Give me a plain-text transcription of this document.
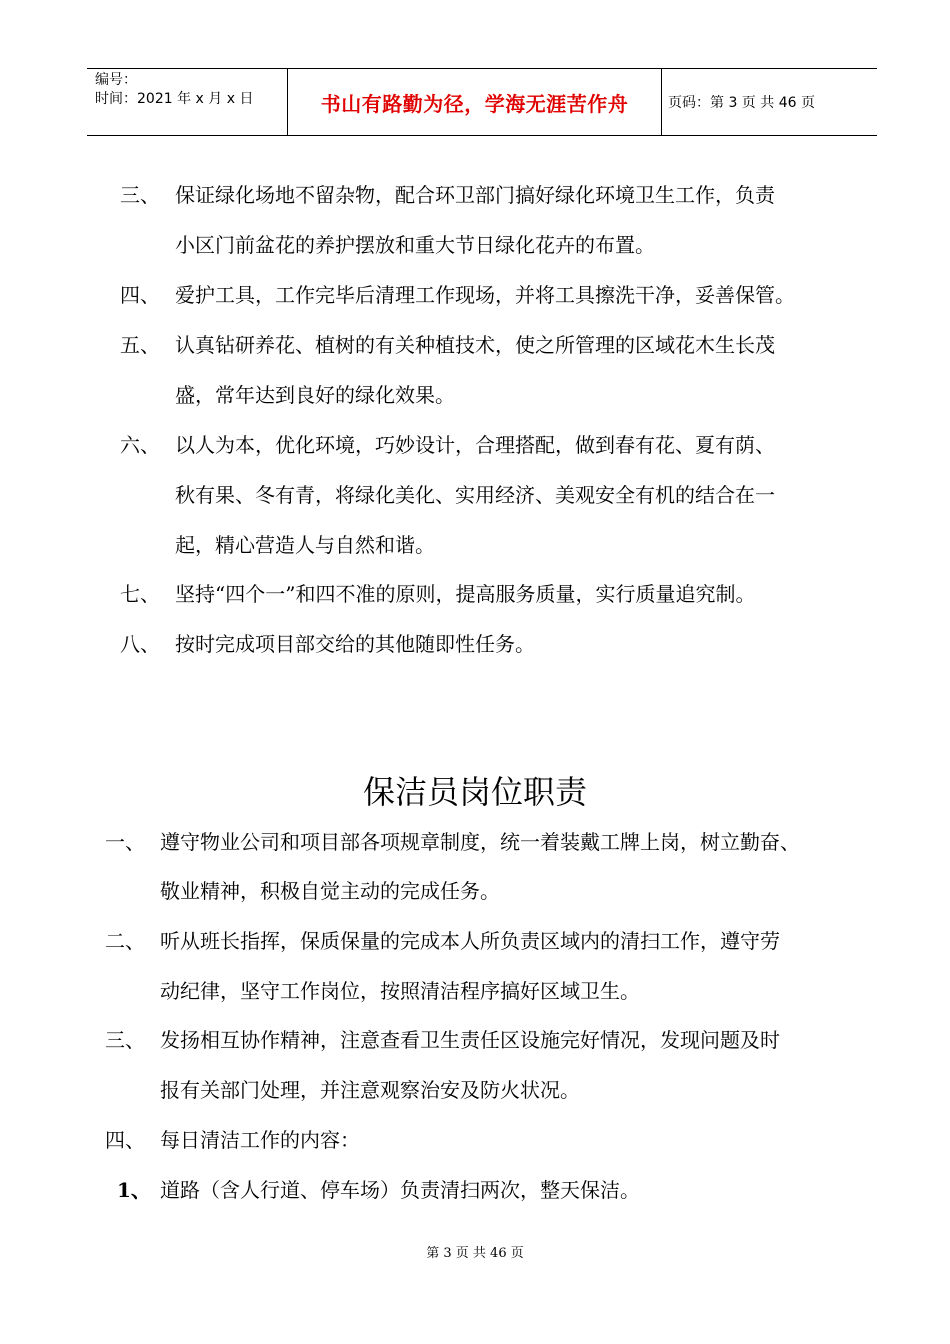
编号：
时间：2021 年 x 月 x 日	书山有路勤为径，学海无涯苦作舟	页码：第 3 页 共 46 页
三、 保证绿化场地不留杂物，配合环卫部门搞好绿化环境卫生工作，负责
小区门前盆花的养护摆放和重大节日绿化花卉的布置。
四、 爱护工具，工作完毕后清理工作现场，并将工具擦洗干净，妥善保管。
五、 认真钻研养花、植树的有关种植技术，使之所管理的区域花木生长茂
盛，常年达到良好的绿化效果。
六、 以人为本，优化环境，巧妙设计，合理搭配，做到春有花、夏有荫、
秋有果、冬有青，将绿化美化、实用经济、美观安全有机的结合在一
起，精心营造人与自然和谐。
七、 坚持“四个一”和四不准的原则，提高服务质量，实行质量追究制。
八、 按时完成项目部交给的其他随即性任务。
保洁员岗位职责
一、 遵守物业公司和项目部各项规章制度，统一着装戴工牌上岗，树立勤奋、
敬业精神，积极自觉主动的完成任务。
二、 听从班长指挥，保质保量的完成本人所负责区域内的清扫工作，遵守劳
动纪律，坚守工作岗位，按照清洁程序搞好区域卫生。
三、 发扬相互协作精神，注意查看卫生责任区设施完好情况，发现问题及时
报有关部门处理，并注意观察治安及防火状况。
四、 每日清洁工作的内容：
1、 道路（含人行道、停车场）负责清扫两次，整天保洁。
第 3 页 共 46 页
